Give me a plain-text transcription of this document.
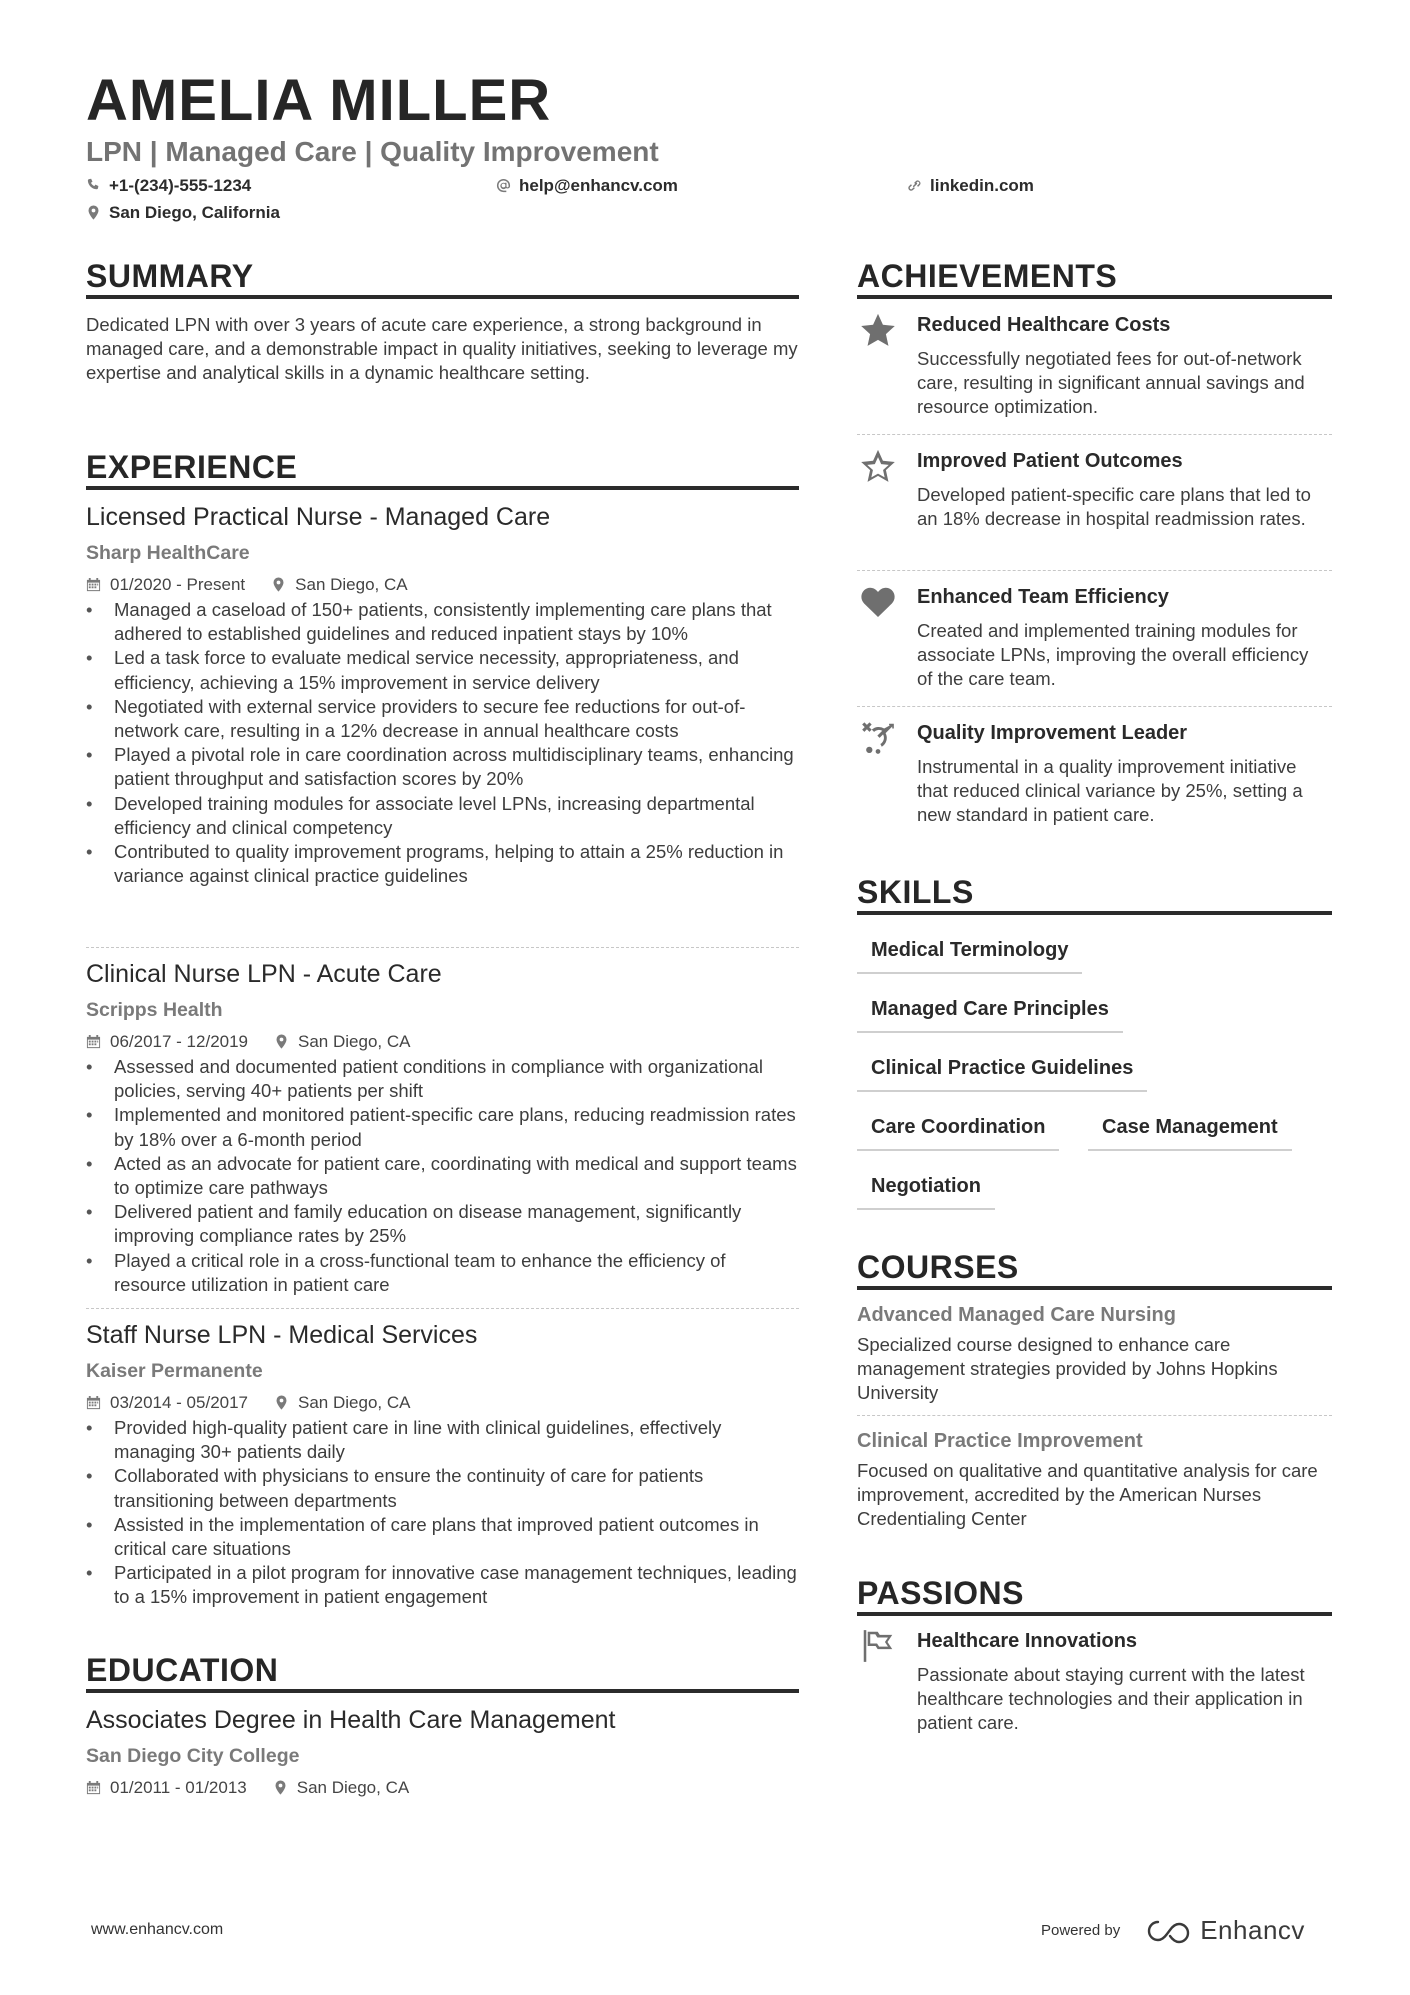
AMELIA MILLER
LPN | Managed Care | Quality Improvement
+1-(234)-555-1234	help@enhancv.com	linkedin.com
San Diego, California
SUMMARY
Dedicated LPN with over 3 years of acute care experience, a strong background in managed care, and a demonstrable impact in quality initiatives, seeking to leverage my expertise and analytical skills in a dynamic healthcare setting.
EXPERIENCE
Licensed Practical Nurse - Managed Care
Sharp HealthCare
01/2020 - Present	San Diego, CA
• Managed a caseload of 150+ patients, consistently implementing care plans that adhered to established guidelines and reduced inpatient stays by 10%
• Led a task force to evaluate medical service necessity, appropriateness, and efficiency, achieving a 15% improvement in service delivery
• Negotiated with external service providers to secure fee reductions for out-of-network care, resulting in a 12% decrease in annual healthcare costs
• Played a pivotal role in care coordination across multidisciplinary teams, enhancing patient throughput and satisfaction scores by 20%
• Developed training modules for associate level LPNs, increasing departmental efficiency and clinical competency
• Contributed to quality improvement programs, helping to attain a 25% reduction in variance against clinical practice guidelines
Clinical Nurse LPN - Acute Care
Scripps Health
06/2017 - 12/2019	San Diego, CA
• Assessed and documented patient conditions in compliance with organizational policies, serving 40+ patients per shift
• Implemented and monitored patient-specific care plans, reducing readmission rates by 18% over a 6-month period
• Acted as an advocate for patient care, coordinating with medical and support teams to optimize care pathways
• Delivered patient and family education on disease management, significantly improving compliance rates by 25%
• Played a critical role in a cross-functional team to enhance the efficiency of resource utilization in patient care
Staff Nurse LPN - Medical Services
Kaiser Permanente
03/2014 - 05/2017	San Diego, CA
• Provided high-quality patient care in line with clinical guidelines, effectively managing 30+ patients daily
• Collaborated with physicians to ensure the continuity of care for patients transitioning between departments
• Assisted in the implementation of care plans that improved patient outcomes in critical care situations
• Participated in a pilot program for innovative case management techniques, leading to a 15% improvement in patient engagement
EDUCATION
Associates Degree in Health Care Management
San Diego City College
01/2011 - 01/2013	San Diego, CA
ACHIEVEMENTS
Reduced Healthcare Costs
Successfully negotiated fees for out-of-network care, resulting in significant annual savings and resource optimization.
Improved Patient Outcomes
Developed patient-specific care plans that led to an 18% decrease in hospital readmission rates.
Enhanced Team Efficiency
Created and implemented training modules for associate LPNs, improving the overall efficiency of the care team.
Quality Improvement Leader
Instrumental in a quality improvement initiative that reduced clinical variance by 25%, setting a new standard in patient care.
SKILLS
Medical Terminology
Managed Care Principles
Clinical Practice Guidelines
Care Coordination	Case Management
Negotiation
COURSES
Advanced Managed Care Nursing
Specialized course designed to enhance care management strategies provided by Johns Hopkins University
Clinical Practice Improvement
Focused on qualitative and quantitative analysis for care improvement, accredited by the American Nurses Credentialing Center
PASSIONS
Healthcare Innovations
Passionate about staying current with the latest healthcare technologies and their application in patient care.
www.enhancv.com	Powered by	Enhancv
